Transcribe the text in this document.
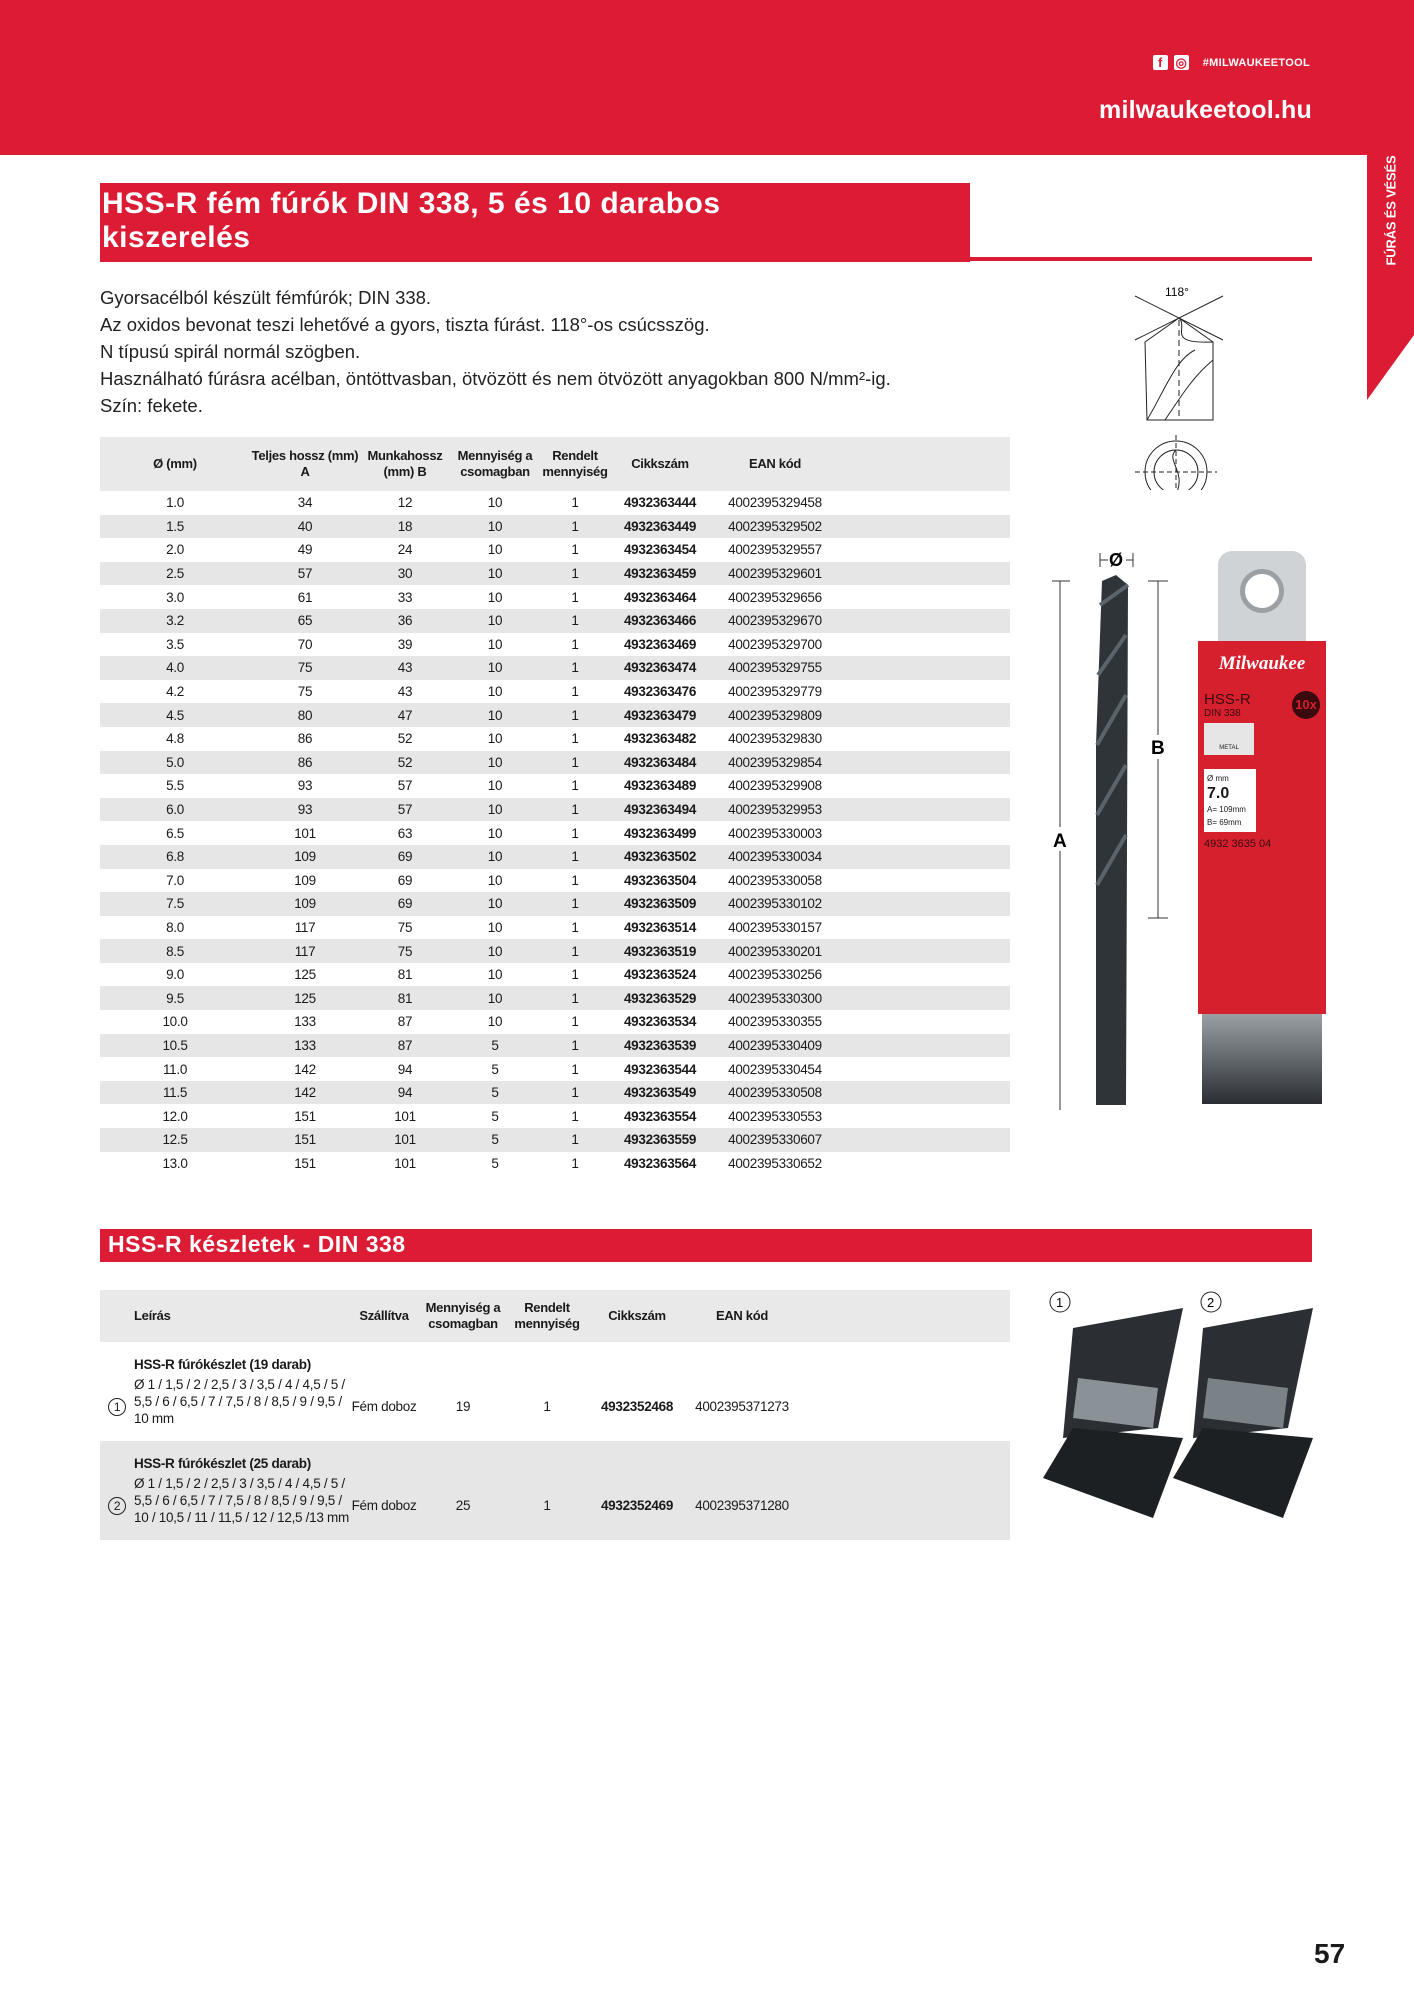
f	◎ #MILWAUKEETOOL
milwaukeetool.hu
FÚRÁS ÉS VÉSÉS
HSS-R fém fúrók DIN 338, 5 és 10 darabos
kiszerelés
Gyorsacélból készült fémfúrók; DIN 338.
Az oxidos bevonat teszi lehetővé a gyors, tiszta fúrást. 118°-os csúcsszög.
N típusú spirál normál szögben.
Használható fúrásra acélban, öntöttvasban, ötvözött és nem ötvözött anyagokban 800 N/mm²-ig.
Szín: fekete.
Ø (mm)	Teljes hossz (mm) A	Munkahossz (mm) B	Mennyiség a csomagban	Rendelt mennyiség	Cikkszám	EAN kód	
1.0	34	12	10	1	4932363444	4002395329458	
1.5	40	18	10	1	4932363449	4002395329502	
2.0	49	24	10	1	4932363454	4002395329557	
2.5	57	30	10	1	4932363459	4002395329601	
3.0	61	33	10	1	4932363464	4002395329656	
3.2	65	36	10	1	4932363466	4002395329670	
3.5	70	39	10	1	4932363469	4002395329700	
4.0	75	43	10	1	4932363474	4002395329755	
4.2	75	43	10	1	4932363476	4002395329779	
4.5	80	47	10	1	4932363479	4002395329809	
4.8	86	52	10	1	4932363482	4002395329830	
5.0	86	52	10	1	4932363484	4002395329854	
5.5	93	57	10	1	4932363489	4002395329908	
6.0	93	57	10	1	4932363494	4002395329953	
6.5	101	63	10	1	4932363499	4002395330003	
6.8	109	69	10	1	4932363502	4002395330034	
7.0	109	69	10	1	4932363504	4002395330058	
7.5	109	69	10	1	4932363509	4002395330102	
8.0	117	75	10	1	4932363514	4002395330157	
8.5	117	75	10	1	4932363519	4002395330201	
9.0	125	81	10	1	4932363524	4002395330256	
9.5	125	81	10	1	4932363529	4002395330300	
10.0	133	87	10	1	4932363534	4002395330355	
10.5	133	87	5	1	4932363539	4002395330409	
11.0	142	94	5	1	4932363544	4002395330454	
11.5	142	94	5	1	4932363549	4002395330508	
12.0	151	101	5	1	4932363554	4002395330553	
12.5	151	101	5	1	4932363559	4002395330607	
13.0	151	101	5	1	4932363564	4002395330652	
118°
Ø
A
B
Milwaukee
HSS-R
DIN 338
10x
METAL
Ø mm
7.0
A= 109mm
B= 69mm
4932 3635 04
HSS-R készletek - DIN 338
	Leírás	Szállítva	Mennyiség a csomagban	Rendelt mennyiség	Cikkszám	EAN kód	
	HSS-R fúrókészlet (19 darab)						
1	Ø 1 / 1,5 / 2 / 2,5 / 3 / 3,5 / 4 / 4,5 / 5 / 5,5 / 6 / 6,5 / 7 / 7,5 / 8 / 8,5 / 9 / 9,5 / 10 mm	Fém doboz	19	1	4932352468	4002395371273	
	HSS-R fúrókészlet (25 darab)						
2	Ø 1 / 1,5 / 2 / 2,5 / 3 / 3,5 / 4 / 4,5 / 5 / 5,5 / 6 / 6,5 / 7 / 7,5 / 8 / 8,5 / 9 / 9,5 / 10 / 10,5 / 11 / 11,5 / 12 / 12,5 /13 mm	Fém doboz	25	1	4932352469	4002395371280	
1	2
57
